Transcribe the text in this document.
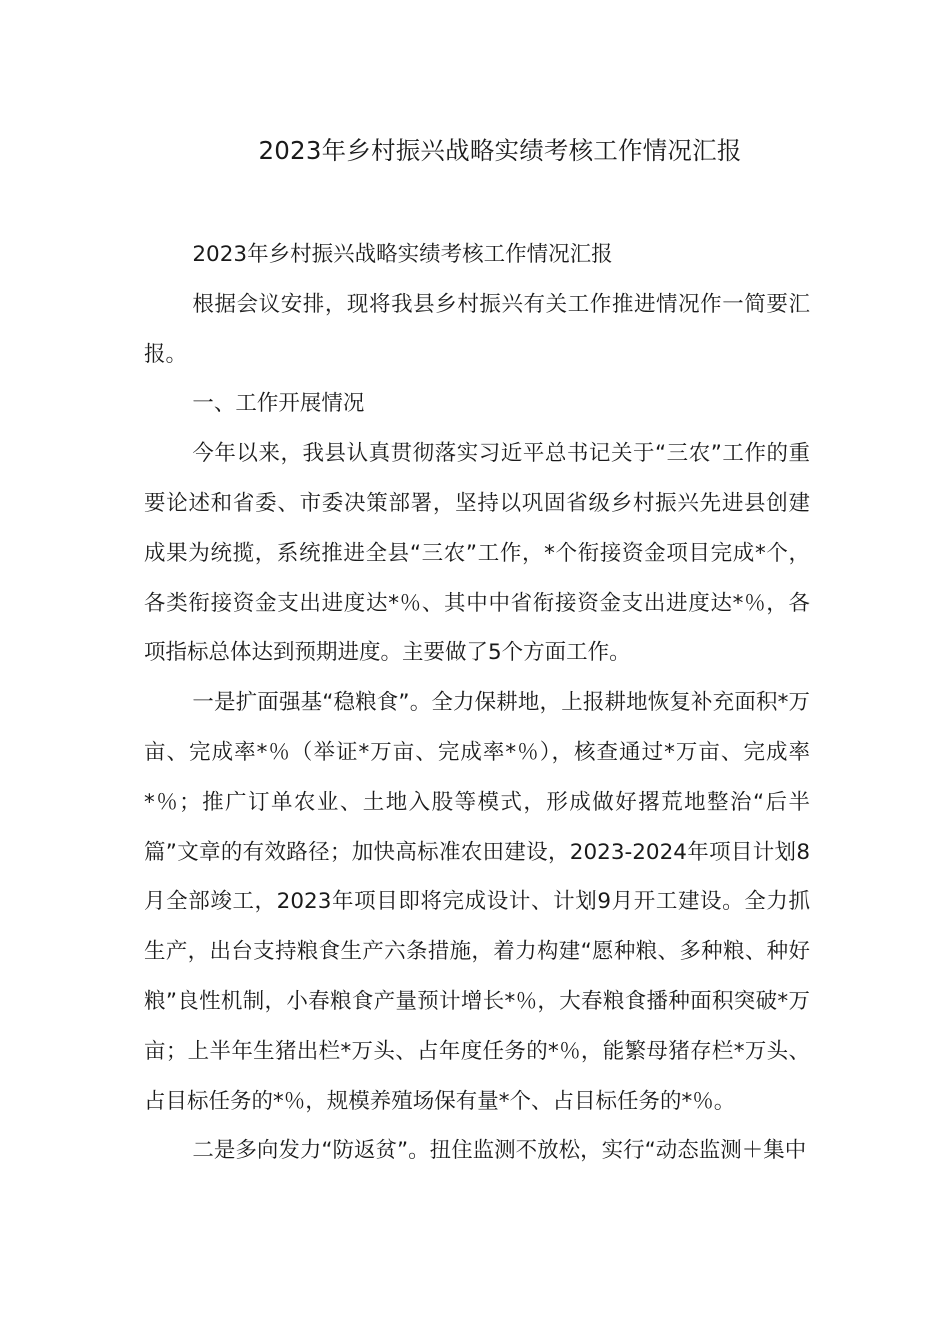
2023年乡村振兴战略实绩考核工作情况汇报

2023年乡村振兴战略实绩考核工作情况汇报

根据会议安排，现将我县乡村振兴有关工作推进情况作一简要汇报。

一、工作开展情况

今年以来，我县认真贯彻落实习近平总书记关于“三农”工作的重要论述和省委、市委决策部署，坚持以巩固省级乡村振兴先进县创建成果为统揽，系统推进全县“三农”工作，*个衔接资金项目完成*个，各类衔接资金支出进度达*％、其中中省衔接资金支出进度达*％，各项指标总体达到预期进度。主要做了5个方面工作。

一是扩面强基“稳粮食”。全力保耕地，上报耕地恢复补充面积*万亩、完成率*％（举证*万亩、完成率*％），核查通过*万亩、完成率*％；推广订单农业、土地入股等模式，形成做好撂荒地整治“后半篇”文章的有效路径；加快高标准农田建设，2023-2024年项目计划8月全部竣工，2023年项目即将完成设计、计划9月开工建设。全力抓生产，出台支持粮食生产六条措施，着力构建“愿种粮、多种粮、种好粮”良性机制，小春粮食产量预计增长*％，大春粮食播种面积突破*万亩；上半年生猪出栏*万头、占年度任务的*％，能繁母猪存栏*万头、占目标任务的*％，规模养殖场保有量*个、占目标任务的*％。

二是多向发力“防返贫”。扭住监测不放松，实行“动态监测＋集中
